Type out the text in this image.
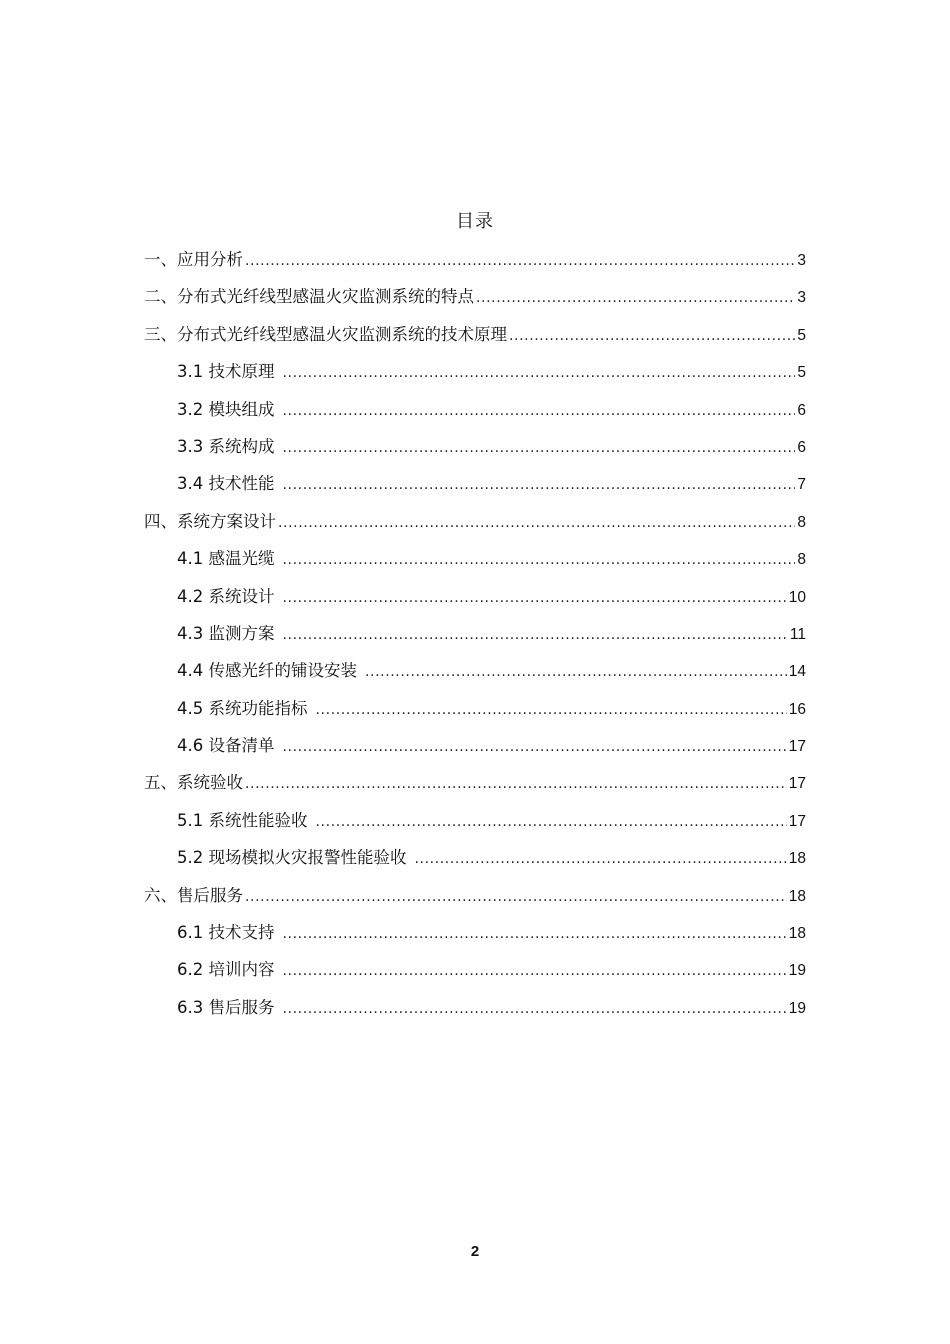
目录
一、应用分析 .....	3
二、分布式光纤线型感温火灾监测系统的特点 .....	3
三、分布式光纤线型感温火灾监测系统的技术原理 .....	5
3.1 技术原理 .....	5
3.2 模块组成 .....	6
3.3 系统构成 .....	6
3.4 技术性能 .....	7
四、系统方案设计 .....	8
4.1 感温光缆 .....	8
4.2 系统设计 .....	10
4.3 监测方案 .....	11
4.4 传感光纤的铺设安装 .....	14
4.5 系统功能指标 .....	16
4.6 设备清单 .....	17
五、系统验收 .....	17
5.1 系统性能验收 .....	17
5.2 现场模拟火灾报警性能验收 .....	18
六、售后服务 .....	18
6.1 技术支持 .....	18
6.2 培训内容 .....	19
6.3 售后服务 .....	19
2
